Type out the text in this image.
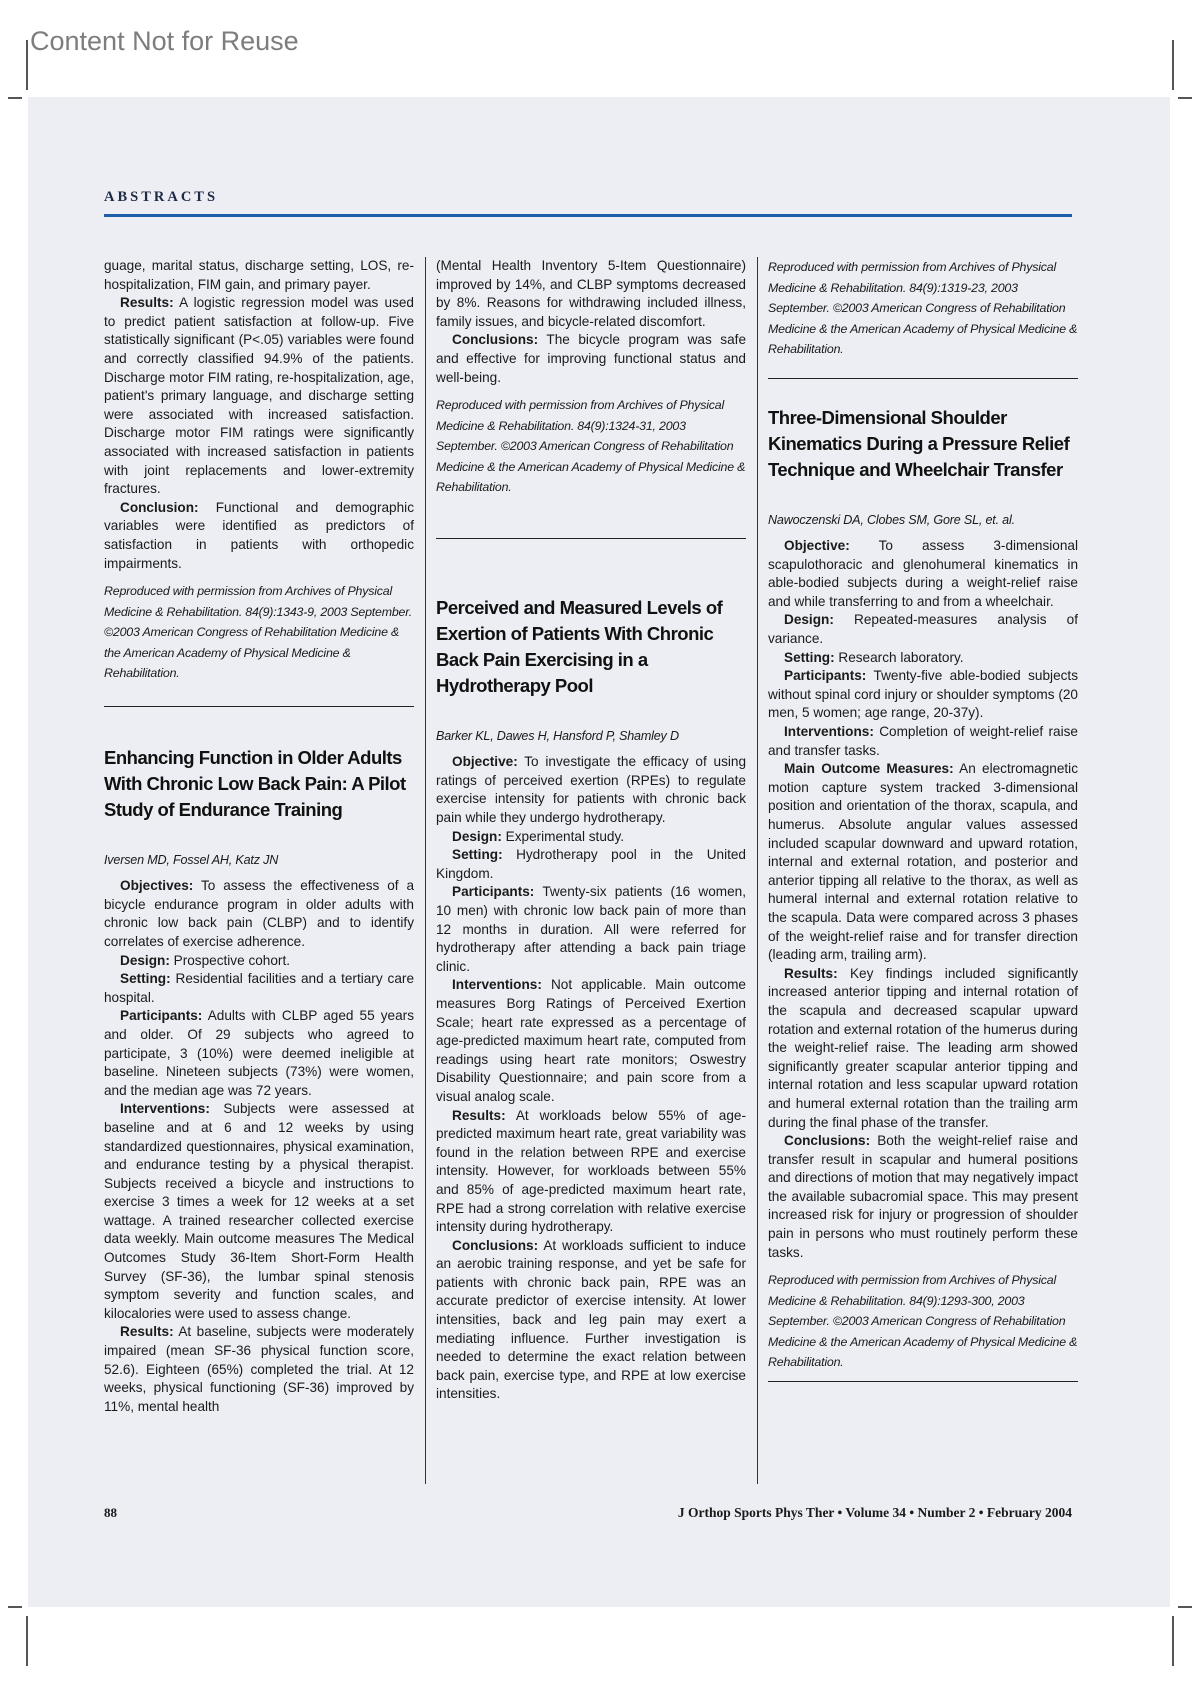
Content Not for Reuse
ABSTRACTS

guage, marital status, discharge setting, LOS, re-hospitalization, FIM gain, and primary payer.

Results: A logistic regression model was used to predict patient satisfaction at follow-up. Five statistically significant (P<.05) variables were found and correctly classified 94.9% of the patients. Discharge motor FIM rating, re-hospitalization, age, patient's primary language, and discharge setting were associated with increased satisfaction. Discharge motor FIM ratings were significantly associated with increased satisfaction in patients with joint replacements and lower-extremity fractures.

Conclusion: Functional and demographic variables were identified as predictors of satisfaction in patients with orthopedic impairments.

Reproduced with permission from Archives of Physical Medicine & Rehabilitation. 84(9):1343-9, 2003 September. ©2003 American Congress of Rehabilitation Medicine & the American Academy of Physical Medicine & Rehabilitation.

Enhancing Function in Older Adults With Chronic Low Back Pain: A Pilot Study of Endurance Training
Iversen MD, Fossel AH, Katz JN

Objectives: To assess the effectiveness of a bicycle endurance program in older adults with chronic low back pain (CLBP) and to identify correlates of exercise adherence.

Design: Prospective cohort.

Setting: Residential facilities and a tertiary care hospital.

Participants: Adults with CLBP aged 55 years and older. Of 29 subjects who agreed to participate, 3 (10%) were deemed ineligible at baseline. Nineteen subjects (73%) were women, and the median age was 72 years.

Interventions: Subjects were assessed at baseline and at 6 and 12 weeks by using standardized questionnaires, physical examination, and endurance testing by a physical therapist. Subjects received a bicycle and instructions to exercise 3 times a week for 12 weeks at a set wattage. A trained researcher collected exercise data weekly. Main outcome measures The Medical Outcomes Study 36-Item Short-Form Health Survey (SF-36), the lumbar spinal stenosis symptom severity and function scales, and kilocalories were used to assess change.

Results: At baseline, subjects were moderately impaired (mean SF-36 physical function score, 52.6). Eighteen (65%) completed the trial. At 12 weeks, physical functioning (SF-36) improved by 11%, mental health

(Mental Health Inventory 5-Item Questionnaire) improved by 14%, and CLBP symptoms decreased by 8%. Reasons for withdrawing included illness, family issues, and bicycle-related discomfort.

Conclusions: The bicycle program was safe and effective for improving functional status and well-being.

Reproduced with permission from Archives of Physical Medicine & Rehabilitation. 84(9):1324-31, 2003 September. ©2003 American Congress of Rehabilitation Medicine & the American Academy of Physical Medicine & Rehabilitation.

Perceived and Measured Levels of Exertion of Patients With Chronic Back Pain Exercising in a Hydrotherapy Pool
Barker KL, Dawes H, Hansford P, Shamley D

Objective: To investigate the efficacy of using ratings of perceived exertion (RPEs) to regulate exercise intensity for patients with chronic back pain while they undergo hydrotherapy.

Design: Experimental study.

Setting: Hydrotherapy pool in the United Kingdom.

Participants: Twenty-six patients (16 women, 10 men) with chronic low back pain of more than 12 months in duration. All were referred for hydrotherapy after attending a back pain triage clinic.

Interventions: Not applicable. Main outcome measures Borg Ratings of Perceived Exertion Scale; heart rate expressed as a percentage of age-predicted maximum heart rate, computed from readings using heart rate monitors; Oswestry Disability Questionnaire; and pain score from a visual analog scale.

Results: At workloads below 55% of age-predicted maximum heart rate, great variability was found in the relation between RPE and exercise intensity. However, for workloads between 55% and 85% of age-predicted maximum heart rate, RPE had a strong correlation with relative exercise intensity during hydrotherapy.

Conclusions: At workloads sufficient to induce an aerobic training response, and yet be safe for patients with chronic back pain, RPE was an accurate predictor of exercise intensity. At lower intensities, back and leg pain may exert a mediating influence. Further investigation is needed to determine the exact relation between back pain, exercise type, and RPE at low exercise intensities.

Reproduced with permission from Archives of Physical Medicine & Rehabilitation. 84(9):1319-23, 2003 September. ©2003 American Congress of Rehabilitation Medicine & the American Academy of Physical Medicine & Rehabilitation.

Three-Dimensional Shoulder Kinematics During a Pressure Relief Technique and Wheelchair Transfer
Nawoczenski DA, Clobes SM, Gore SL, et. al.

Objective: To assess 3-dimensional scapulothoracic and glenohumeral kinematics in able-bodied subjects during a weight-relief raise and while transferring to and from a wheelchair.

Design: Repeated-measures analysis of variance.

Setting: Research laboratory.

Participants: Twenty-five able-bodied subjects without spinal cord injury or shoulder symptoms (20 men, 5 women; age range, 20-37y).

Interventions: Completion of weight-relief raise and transfer tasks.

Main Outcome Measures: An electromagnetic motion capture system tracked 3-dimensional position and orientation of the thorax, scapula, and humerus. Absolute angular values assessed included scapular downward and upward rotation, internal and external rotation, and posterior and anterior tipping all relative to the thorax, as well as humeral internal and external rotation relative to the scapula. Data were compared across 3 phases of the weight-relief raise and for transfer direction (leading arm, trailing arm).

Results: Key findings included significantly increased anterior tipping and internal rotation of the scapula and decreased scapular upward rotation and external rotation of the humerus during the weight-relief raise. The leading arm showed significantly greater scapular anterior tipping and internal rotation and less scapular upward rotation and humeral external rotation than the trailing arm during the final phase of the transfer.

Conclusions: Both the weight-relief raise and transfer result in scapular and humeral positions and directions of motion that may negatively impact the available subacromial space. This may present increased risk for injury or progression of shoulder pain in persons who must routinely perform these tasks.

Reproduced with permission from Archives of Physical Medicine & Rehabilitation. 84(9):1293-300, 2003 September. ©2003 American Congress of Rehabilitation Medicine & the American Academy of Physical Medicine & Rehabilitation.

88	J Orthop Sports Phys Ther • Volume 34 • Number 2 • February 2004
